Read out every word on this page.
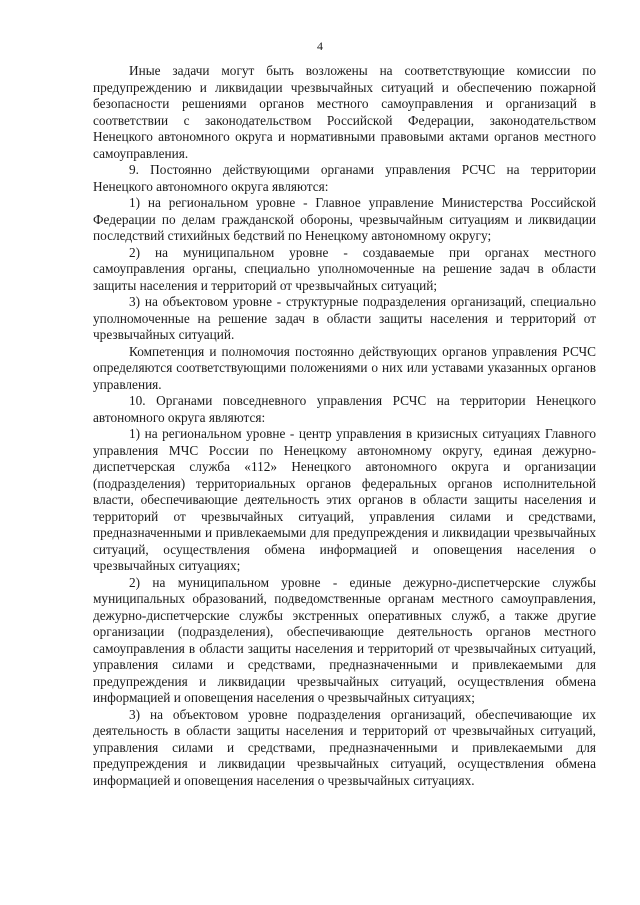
4

Иные задачи могут быть возложены на соответствующие комиссии по предупреждению и ликвидации чрезвычайных ситуаций и обеспечению пожарной безопасности решениями органов местного самоуправления и организаций в соответствии с законодательством Российской Федерации, законодательством Ненецкого автономного округа и нормативными правовыми актами органов местного самоуправления.

9. Постоянно действующими органами управления РСЧС на территории Ненецкого автономного округа являются:

1) на региональном уровне - Главное управление Министерства Российской Федерации по делам гражданской обороны, чрезвычайным ситуациям и ликвидации последствий стихийных бедствий по Ненецкому автономному округу;

2) на муниципальном уровне - создаваемые при органах местного самоуправления органы, специально уполномоченные на решение задач в области защиты населения и территорий от чрезвычайных ситуаций;

3) на объектовом уровне - структурные подразделения организаций, специально уполномоченные на решение задач в области защиты населения и территорий от чрезвычайных ситуаций.

Компетенция и полномочия постоянно действующих органов управления РСЧС определяются соответствующими положениями о них или уставами указанных органов управления.

10. Органами повседневного управления РСЧС на территории Ненецкого автономного округа являются:

1) на региональном уровне - центр управления в кризисных ситуациях Главного управления МЧС России по Ненецкому автономному округу, единая дежурно-диспетчерская служба «112» Ненецкого автономного округа и организации (подразделения) территориальных органов федеральных органов исполнительной власти, обеспечивающие деятельность этих органов в области защиты населения и территорий от чрезвычайных ситуаций, управления силами и средствами, предназначенными и привлекаемыми для предупреждения и ликвидации чрезвычайных ситуаций, осуществления обмена информацией и оповещения населения о чрезвычайных ситуациях;

2) на муниципальном уровне - единые дежурно-диспетчерские службы муниципальных образований, подведомственные органам местного самоуправления, дежурно-диспетчерские службы экстренных оперативных служб, а также другие организации (подразделения), обеспечивающие деятельность органов местного самоуправления в области защиты населения и территорий от чрезвычайных ситуаций, управления силами и средствами, предназначенными и привлекаемыми для предупреждения и ликвидации чрезвычайных ситуаций, осуществления обмена информацией и оповещения населения о чрезвычайных ситуациях;

3) на объектовом уровне подразделения организаций, обеспечивающие их деятельность в области защиты населения и территорий от чрезвычайных ситуаций, управления силами и средствами, предназначенными и привлекаемыми для предупреждения и ликвидации чрезвычайных ситуаций, осуществления обмена информацией и оповещения населения о чрезвычайных ситуациях.
